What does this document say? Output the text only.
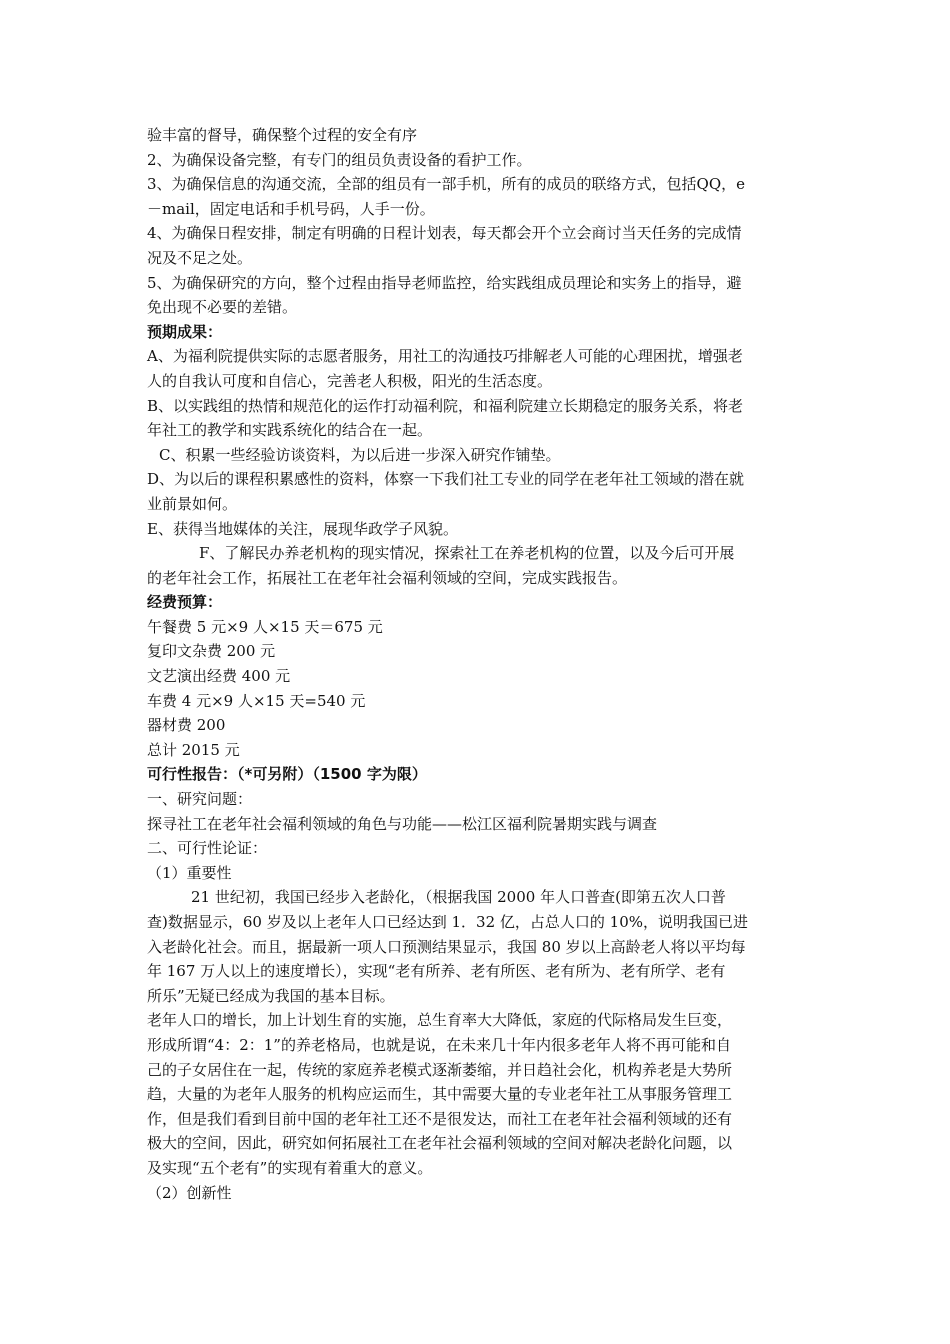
验丰富的督导，确保整个过程的安全有序

2、为确保设备完整，有专门的组员负责设备的看护工作。

3、为确保信息的沟通交流，全部的组员有一部手机，所有的成员的联络方式，包括QQ，e

－mail，固定电话和手机号码，人手一份。

4、为确保日程安排，制定有明确的日程计划表，每天都会开个立会商讨当天任务的完成情

况及不足之处。

5、为确保研究的方向，整个过程由指导老师监控，给实践组成员理论和实务上的指导，避

免出现不必要的差错。

预期成果：

A、为福利院提供实际的志愿者服务，用社工的沟通技巧排解老人可能的心理困扰，增强老

人的自我认可度和自信心，完善老人积极，阳光的生活态度。

B、以实践组的热情和规范化的运作打动福利院，和福利院建立长期稳定的服务关系，将老

年社工的教学和实践系统化的结合在一起。

C、积累一些经验访谈资料，为以后进一步深入研究作铺垫。

D、为以后的课程积累感性的资料，体察一下我们社工专业的同学在老年社工领域的潜在就

业前景如何。

E、获得当地媒体的关注，展现华政学子风貌。

F、了解民办养老机构的现实情况，探索社工在养老机构的位置，以及今后可开展

的老年社会工作，拓展社工在老年社会福利领域的空间，完成实践报告。

经费预算：

午餐费 5 元×9 人×15 天＝675 元

复印文杂费 200 元

文艺演出经费 400 元

车费 4 元×9 人×15 天=540 元

器材费 200

总计 2015 元

可行性报告：（*可另附）（1500 字为限）

一、研究问题：

探寻社工在老年社会福利领域的角色与功能——松江区福利院暑期实践与调查

二、可行性论证：

（1）重要性

21 世纪初，我国已经步入老龄化，（根据我国 2000 年人口普查(即第五次人口普

查)数据显示，60 岁及以上老年人口已经达到 1．32 亿，占总人口的 10%，说明我国已进

入老龄化社会。而且，据最新一项人口预测结果显示，我国 80 岁以上高龄老人将以平均每

年 167 万人以上的速度增长），实现“老有所养、老有所医、老有所为、老有所学、老有

所乐”无疑已经成为我国的基本目标。

老年人口的增长，加上计划生育的实施，总生育率大大降低，家庭的代际格局发生巨变，

形成所谓“4：2：1”的养老格局，也就是说，在未来几十年内很多老年人将不再可能和自

己的子女居住在一起，传统的家庭养老模式逐渐萎缩，并日趋社会化，机构养老是大势所

趋，大量的为老年人服务的机构应运而生，其中需要大量的专业老年社工从事服务管理工

作，但是我们看到目前中国的老年社工还不是很发达，而社工在老年社会福利领域的还有

极大的空间，因此，研究如何拓展社工在老年社会福利领域的空间对解决老龄化问题，以

及实现“五个老有”的实现有着重大的意义。

（2）创新性
